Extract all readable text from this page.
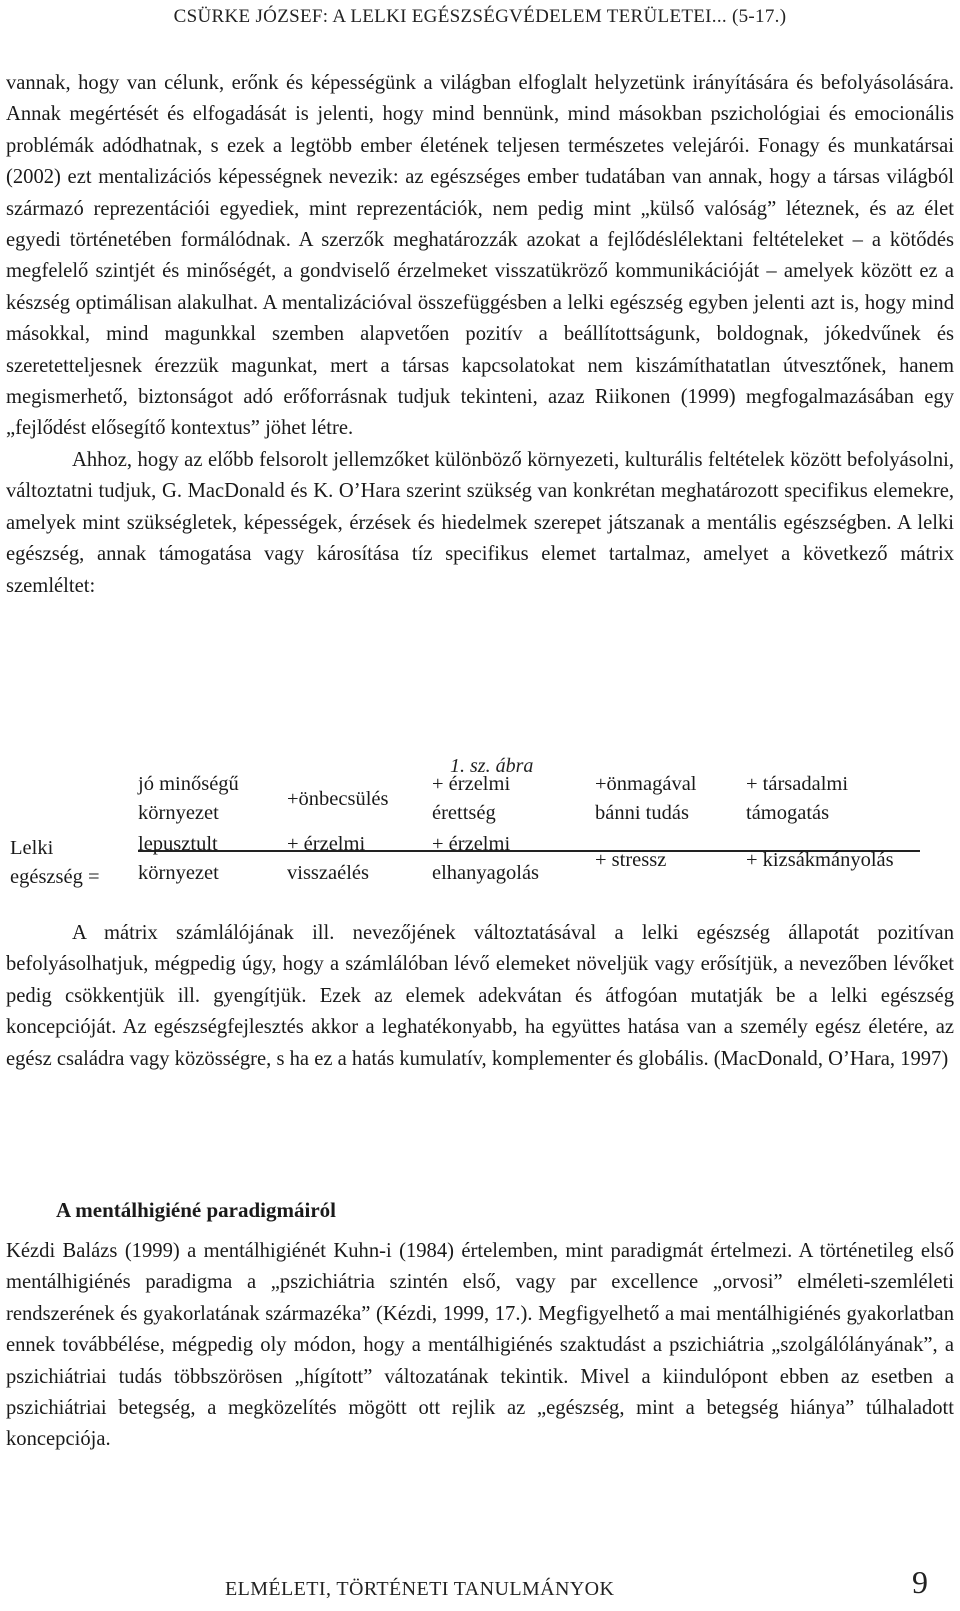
CSÜRKE JÓZSEF: A LELKI EGÉSZSÉGVÉDELEM TERÜLETEI... (5-17.)

vannak, hogy van célunk, erőnk és képességünk a világban elfoglalt helyzetünk irányítására és befolyásolására. Annak megértését és elfogadását is jelenti, hogy mind bennünk, mind másokban pszichológiai és emocionális problémák adódhatnak, s ezek a legtöbb ember életének teljesen természetes velejárói. Fonagy és munkatársai (2002) ezt mentalizációs képességnek nevezik: az egészséges ember tudatában van annak, hogy a társas világból származó reprezentációi egyediek, mint reprezentációk, nem pedig mint „külső valóság” léteznek, és az élet egyedi történetében formálódnak. A szerzők meghatározzák azokat a fejlődéslélektani feltételeket – a kötődés megfelelő szintjét és minőségét, a gondviselő érzelmeket visszatükröző kommunikációját – amelyek között ez a készség optimálisan alakulhat. A mentalizációval összefüggésben a lelki egészség egyben jelenti azt is, hogy mind másokkal, mind magunkkal szemben alapvetően pozitív a beállítottságunk, boldognak, jókedvűnek és szeretetteljesnek érezzük magunkat, mert a társas kapcsolatokat nem kiszámíthatatlan útvesztőnek, hanem megismerhető, biztonságot adó erőforrásnak tudjuk tekinteni, azaz Riikonen (1999) megfogalmazásában egy „fejlődést elősegítő kontextus” jöhet létre.

Ahhoz, hogy az előbb felsorolt jellemzőket különböző környezeti, kulturális feltételek között befolyásolni, változtatni tudjuk, G. MacDonald és K. O’Hara szerint szükség van konkrétan meghatározott specifikus elemekre, amelyek mint szükségletek, képességek, érzések és hiedelmek szerepet játszanak a mentális egészségben. A lelki egészség, annak támogatása vagy károsítása tíz specifikus elemet tartalmaz, amelyet a következő mátrix szemléltet:

1. sz. ábra
Lelki
egészség =
jó minőségű
környezet
+önbecsülés
+ érzelmi
érettség
+önmagával
bánni tudás
+ társadalmi
támogatás
lepusztult
környezet
+ érzelmi
visszaélés
+ érzelmi
elhanyagolás
+ stressz	+ kizsákmányolás

A mátrix számlálójának ill. nevezőjének változtatásával a lelki egészség állapotát pozitívan befolyásolhatjuk, mégpedig úgy, hogy a számlálóban lévő elemeket növeljük vagy erősítjük, a nevezőben lévőket pedig csökkentjük ill. gyengítjük. Ezek az elemek adekvátan és átfogóan mutatják be a lelki egészség koncepcióját. Az egészségfejlesztés akkor a leghatékonyabb, ha együttes hatása van a személy egész életére, az egész családra vagy közösségre, s ha ez a hatás kumulatív, komplementer és globális. (MacDonald, O’Hara, 1997)

A mentálhigiéné paradigmáiról

Kézdi Balázs (1999) a mentálhigiénét Kuhn-i (1984) értelemben, mint paradigmát értelmezi. A történetileg első mentálhigiénés paradigma a „pszichiátria szintén első, vagy par excellence „orvosi” elméleti-szemléleti rendszerének és gyakorlatának származéka” (Kézdi, 1999, 17.). Megfigyelhető a mai mentálhigiénés gyakorlatban ennek továbbélése, mégpedig oly módon, hogy a mentálhigiénés szaktudást a pszichiátria „szolgálólányának”, a pszichiátriai tudás többszörösen „hígított” változatának tekintik. Mivel a kiindulópont ebben az esetben a pszichiátriai betegség, a megközelítés mögött ott rejlik az „egészség, mint a betegség hiánya” túlhaladott koncepciója.

ELMÉLETI, TÖRTÉNETI TANULMÁNYOK	9
